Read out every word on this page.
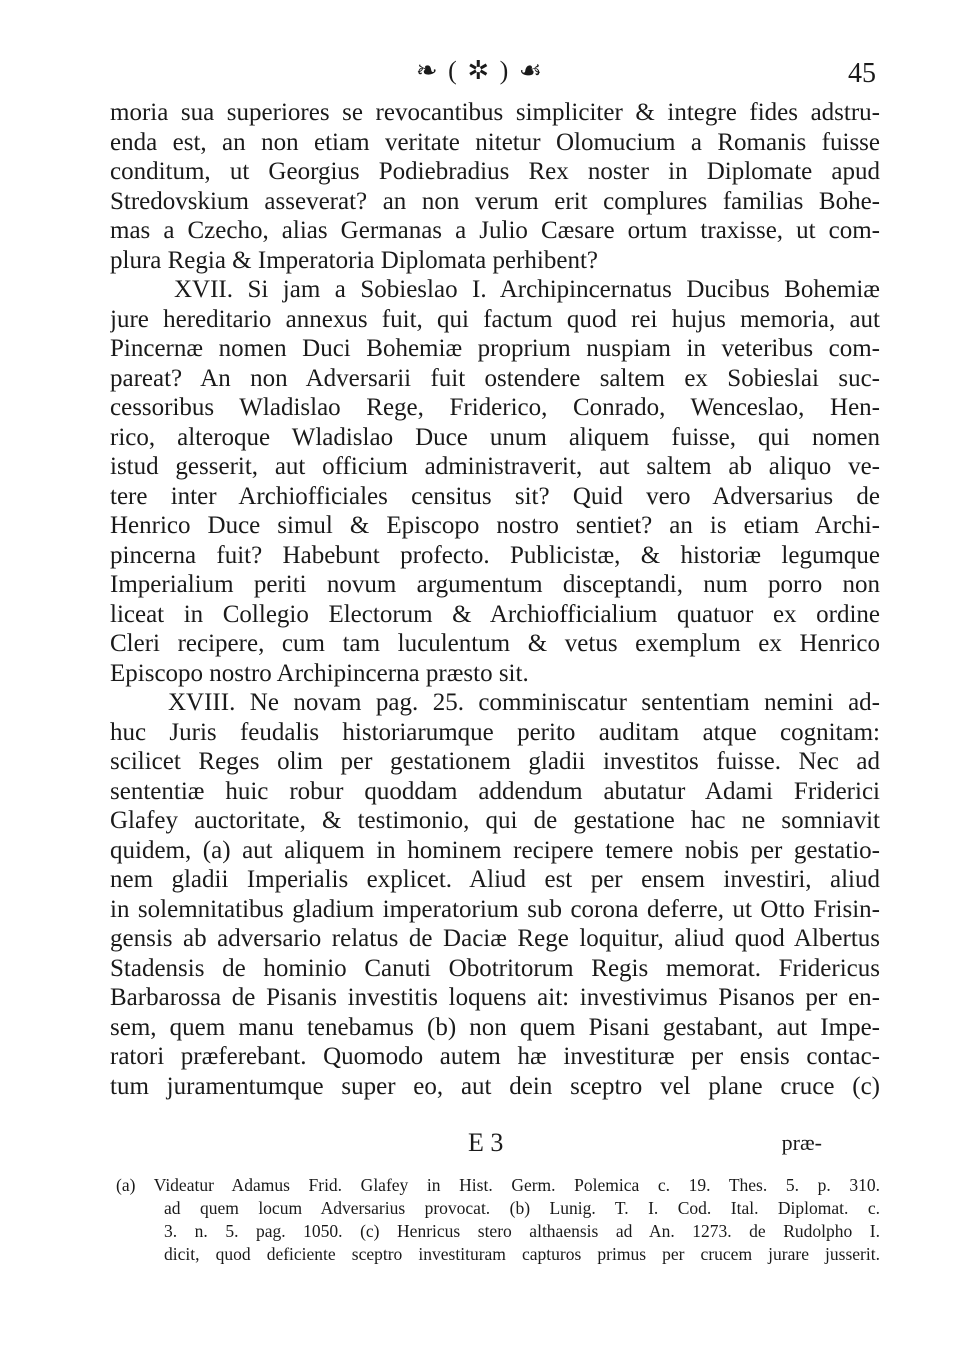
❧ ( ✲ ) ☙	45
moria sua superiores se revocantibus simpliciter & integre fides adstru-
enda est, an non etiam veritate nitetur Olomucium a Romanis fuisse
conditum, ut Georgius Podiebradius Rex noster in Diplomate apud
Stredovskium asseverat? an non verum erit complures familias Bohe-
mas a Czecho, alias Germanas a Julio Cæsare ortum traxisse, ut com-
plura Regia & Imperatoria Diplomata perhibent?
XVII. Si jam a Sobieslao I. Archipincernatus Ducibus Bohemiæ
jure hereditario annexus fuit, qui factum quod rei hujus memoria, aut
Pincernæ nomen Duci Bohemiæ proprium nuspiam in veteribus com-
pareat? An non Adversarii fuit ostendere saltem ex Sobieslai suc-
cessoribus Wladislao Rege, Friderico, Conrado, Wenceslao, Hen-
rico, alteroque Wladislao Duce unum aliquem fuisse, qui nomen
istud gesserit, aut officium administraverit, aut saltem ab aliquo ve-
tere inter Archiofficiales censitus sit? Quid vero Adversarius de
Henrico Duce simul & Episcopo nostro sentiet? an is etiam Archi-
pincerna fuit? Habebunt profecto. Publicistæ, & historiæ legumque
Imperialium periti novum argumentum disceptandi, num porro non
liceat in Collegio Electorum & Archiofficialium quatuor ex ordine
Cleri recipere, cum tam luculentum & vetus exemplum ex Henrico
Episcopo nostro Archipincerna præsto sit.
XVIII. Ne novam pag. 25. comminiscatur sententiam nemini ad-
huc Juris feudalis historiarumque perito auditam atque cognitam:
scilicet Reges olim per gestationem gladii investitos fuisse. Nec ad
sententiæ huic robur quoddam addendum abutatur Adami Friderici
Glafey auctoritate, & testimonio, qui de gestatione hac ne somniavit
quidem, (a) aut aliquem in hominem recipere temere nobis per gestatio-
nem gladii Imperialis explicet. Aliud est per ensem investiri, aliud
in solemnitatibus gladium imperatorium sub corona deferre, ut Otto Frisin-
gensis ab adversario relatus de Daciæ Rege loquitur, aliud quod Albertus
Stadensis de hominio Canuti Obotritorum Regis memorat. Fridericus
Barbarossa de Pisanis investitis loquens ait: investivimus Pisanos per en-
sem, quem manu tenebamus (b) non quem Pisani gestabant, aut Impe-
ratori præferebant. Quomodo autem hæ investituræ per ensis contac-
tum juramentumque super eo, aut dein sceptro vel plane cruce (c)
E 3	præ-
(a) Videatur Adamus Frid. Glafey in Hist. Germ. Polemica c. 19. Thes. 5. p. 310.
ad quem locum Adversarius provocat. (b) Lunig. T. I. Cod. Ital. Diplomat. c.
3. n. 5. pag. 1050. (c) Henricus stero althaensis ad An. 1273. de Rudolpho I.
dicit, quod deficiente sceptro investituram capturos primus per crucem jurare jusserit.
